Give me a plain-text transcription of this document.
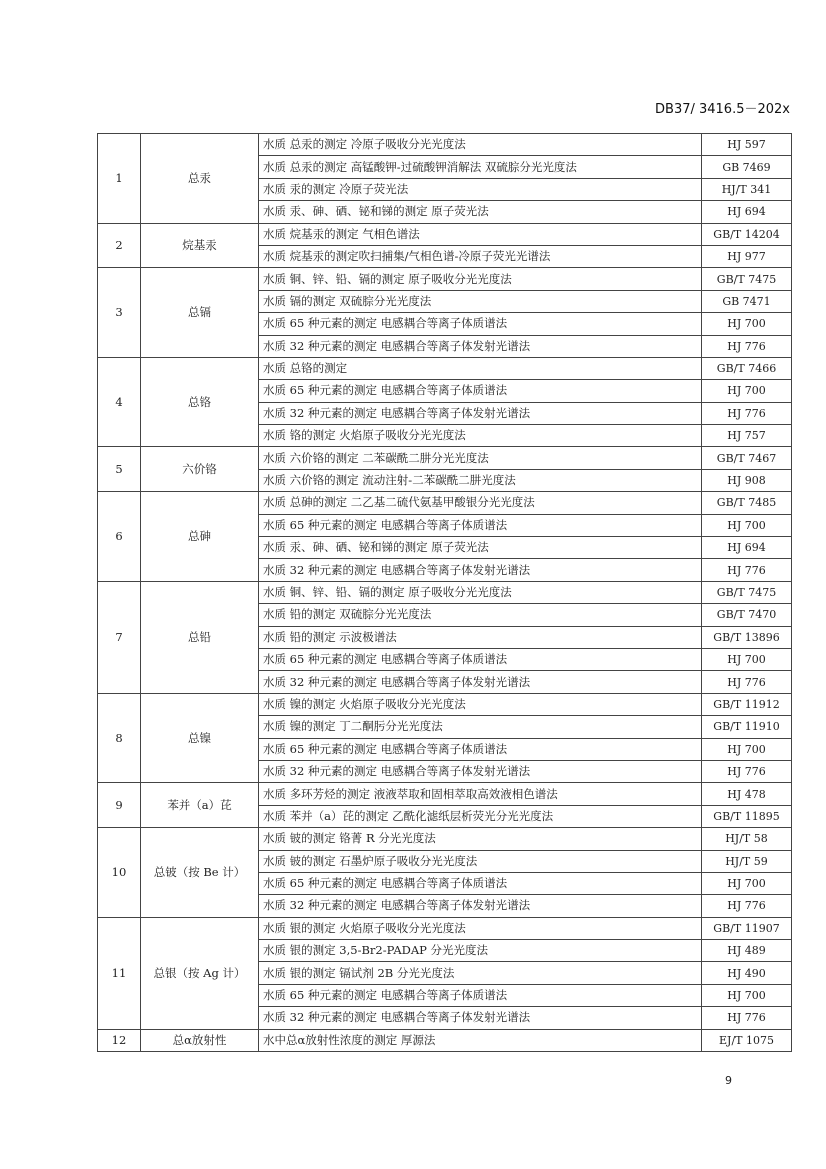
DB37/ 3416.5－202x
1	总汞	水质 总汞的测定 冷原子吸收分光光度法	HJ 597
		水质 总汞的测定 高锰酸钾-过硫酸钾消解法 双硫腙分光光度法	GB 7469
		水质 汞的测定 冷原子荧光法	HJ/T 341
		水质 汞、砷、硒、铋和锑的测定 原子荧光法	HJ 694
2	烷基汞	水质 烷基汞的测定 气相色谱法	GB/T 14204
		水质 烷基汞的测定吹扫捕集/气相色谱-冷原子荧光光谱法	HJ 977
3	总镉	水质 铜、锌、铅、镉的测定 原子吸收分光光度法	GB/T 7475
		水质 镉的测定 双硫腙分光光度法	GB 7471
		水质 65 种元素的测定 电感耦合等离子体质谱法	HJ 700
		水质 32 种元素的测定 电感耦合等离子体发射光谱法	HJ 776
4	总铬	水质 总铬的测定	GB/T 7466
		水质 65 种元素的测定 电感耦合等离子体质谱法	HJ 700
		水质 32 种元素的测定 电感耦合等离子体发射光谱法	HJ 776
		水质 铬的测定 火焰原子吸收分光光度法	HJ 757
5	六价铬	水质 六价铬的测定 二苯碳酰二肼分光光度法	GB/T 7467
		水质 六价铬的测定 流动注射-二苯碳酰二肼光度法	HJ 908
6	总砷	水质 总砷的测定 二乙基二硫代氨基甲酸银分光光度法	GB/T 7485
		水质 65 种元素的测定 电感耦合等离子体质谱法	HJ 700
		水质 汞、砷、硒、铋和锑的测定 原子荧光法	HJ 694
		水质 32 种元素的测定 电感耦合等离子体发射光谱法	HJ 776
7	总铅	水质 铜、锌、铅、镉的测定 原子吸收分光光度法	GB/T 7475
		水质 铅的测定 双硫腙分光光度法	GB/T 7470
		水质 铅的测定 示波极谱法	GB/T 13896
		水质 65 种元素的测定 电感耦合等离子体质谱法	HJ 700
		水质 32 种元素的测定 电感耦合等离子体发射光谱法	HJ 776
8	总镍	水质 镍的测定 火焰原子吸收分光光度法	GB/T 11912
		水质 镍的测定 丁二酮肟分光光度法	GB/T 11910
		水质 65 种元素的测定 电感耦合等离子体质谱法	HJ 700
		水质 32 种元素的测定 电感耦合等离子体发射光谱法	HJ 776
9	苯并（a）芘	水质 多环芳烃的测定 液液萃取和固相萃取高效液相色谱法	HJ 478
		水质 苯并（a）芘的测定 乙酰化滤纸层析荧光分光光度法	GB/T 11895
10	总铍（按 Be 计）	水质 铍的测定 铬菁 R 分光光度法	HJ/T 58
		水质 铍的测定 石墨炉原子吸收分光光度法	HJ/T 59
		水质 65 种元素的测定 电感耦合等离子体质谱法	HJ 700
		水质 32 种元素的测定 电感耦合等离子体发射光谱法	HJ 776
11	总银（按 Ag 计）	水质 银的测定 火焰原子吸收分光光度法	GB/T 11907
		水质 银的测定 3,5-Br2-PADAP 分光光度法	HJ 489
		水质 银的测定 镉试剂 2B 分光光度法	HJ 490
		水质 65 种元素的测定 电感耦合等离子体质谱法	HJ 700
		水质 32 种元素的测定 电感耦合等离子体发射光谱法	HJ 776
12	总α放射性	水中总α放射性浓度的测定 厚源法	EJ/T 1075
9
